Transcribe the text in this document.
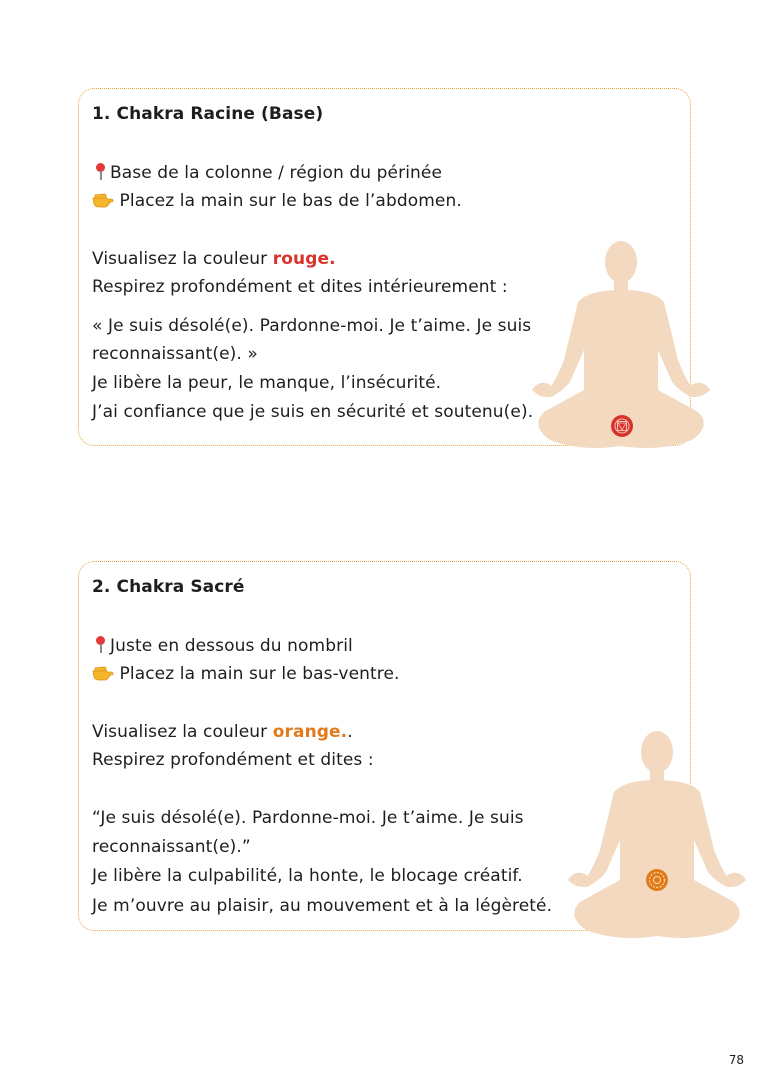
1. Chakra Racine (Base)

Base de la colonne / région du périnée

Placez la main sur le bas de l’abdomen.

Visualisez la couleur rouge.

Respirez profondément et dites intérieurement :

« Je suis désolé(e). Pardonne-moi. Je t’aime. Je suis

reconnaissant(e). »

Je libère la peur, le manque, l’insécurité.

J’ai confiance que je suis en sécurité et soutenu(e).

2. Chakra Sacré

Juste en dessous du nombril

Placez la main sur le bas-ventre.

Visualisez la couleur orange..

Respirez profondément et dites :

“Je suis désolé(e). Pardonne-moi. Je t’aime. Je suis

reconnaissant(e).”

Je libère la culpabilité, la honte, le blocage créatif.

Je m’ouvre au plaisir, au mouvement et à la légèreté.

78
